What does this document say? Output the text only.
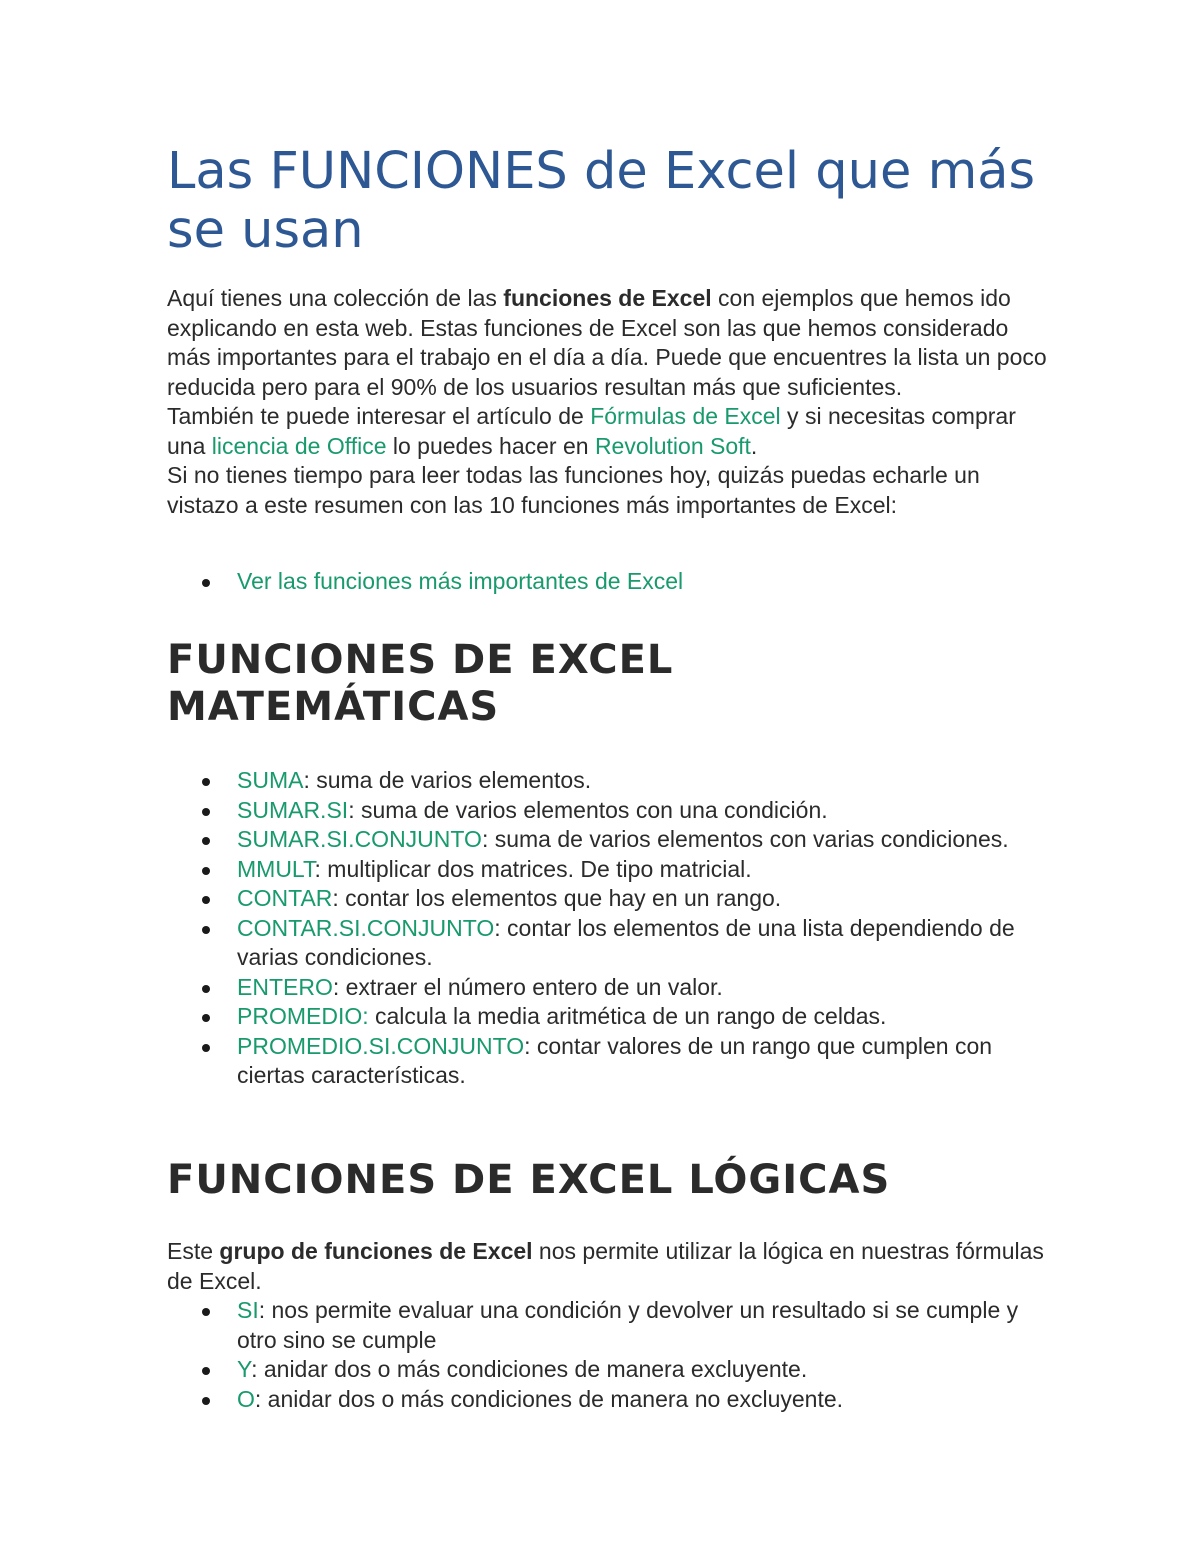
Las FUNCIONES de Excel que más se usan

Aquí tienes una colección de las funciones de Excel con ejemplos que hemos ido explicando en esta web. Estas funciones de Excel son las que hemos considerado más importantes para el trabajo en el día a día. Puede que encuentres la lista un poco reducida pero para el 90% de los usuarios resultan más que suficientes.

También te puede interesar el artículo de Fórmulas de Excel y si necesitas comprar una licencia de Office lo puedes hacer en Revolution Soft.

Si no tienes tiempo para leer todas las funciones hoy, quizás puedas echarle un vistazo a este resumen con las 10 funciones más importantes de Excel:

Ver las funciones más importantes de Excel
FUNCIONES DE EXCEL MATEMÁTICAS
SUMA: suma de varios elementos.
SUMAR.SI: suma de varios elementos con una condición.
SUMAR.SI.CONJUNTO: suma de varios elementos con varias condiciones.
MMULT: multiplicar dos matrices. De tipo matricial.
CONTAR: contar los elementos que hay en un rango.
CONTAR.SI.CONJUNTO: contar los elementos de una lista dependiendo de varias condiciones.
ENTERO: extraer el número entero de un valor.
PROMEDIO: calcula la media aritmética de un rango de celdas.
PROMEDIO.SI.CONJUNTO: contar valores de un rango que cumplen con ciertas características.
FUNCIONES DE EXCEL LÓGICAS

Este grupo de funciones de Excel nos permite utilizar la lógica en nuestras fórmulas de Excel.

SI: nos permite evaluar una condición y devolver un resultado si se cumple y otro sino se cumple
Y: anidar dos o más condiciones de manera excluyente.
O: anidar dos o más condiciones de manera no excluyente.
